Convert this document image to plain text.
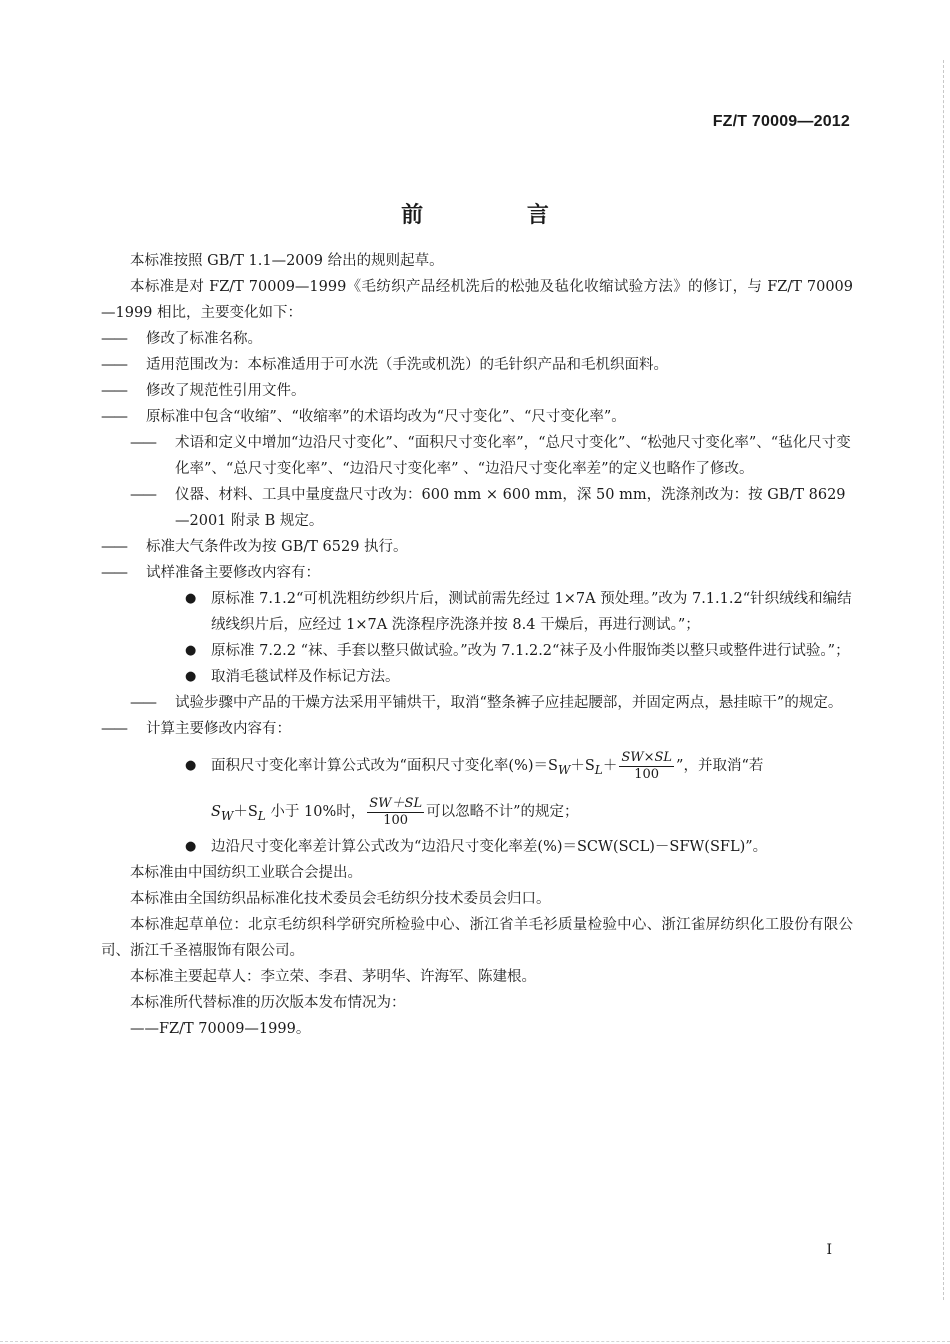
FZ/T 70009—2012
前 言

本标准按照 GB/T 1.1—2009 给出的规则起草。

本标准是对 FZ/T 70009—1999《毛纺织产品经机洗后的松弛及毡化收缩试验方法》的修订，与 FZ/T 70009—1999 相比，主要变化如下：

—— 修改了标准名称。

—— 适用范围改为：本标准适用于可水洗（手洗或机洗）的毛针织产品和毛机织面料。

—— 修改了规范性引用文件。

—— 原标准中包含“收缩”、“收缩率”的术语均改为“尺寸变化”、“尺寸变化率”。

—— 术语和定义中增加“边沿尺寸变化”、“面积尺寸变化率”，“总尺寸变化”、“松弛尺寸变化率”、“毡化尺寸变化率”、“总尺寸变化率”、“边沿尺寸变化率” 、“边沿尺寸变化率差”的定义也略作了修改。

—— 仪器、材料、工具中量度盘尺寸改为：600 mm × 600 mm，深 50 mm，洗涤剂改为：按 GB/T 8629—2001 附录 B 规定。

—— 标准大气条件改为按 GB/T 6529 执行。

—— 试样准备主要修改内容有：

● 原标准 7.1.2“可机洗粗纺纱织片后，测试前需先经过 1×7A 预处理。”改为 7.1.1.2“针织绒线和编结绒线织片后，应经过 1×7A 洗涤程序洗涤并按 8.4 干燥后，再进行测试。”；

● 原标准 7.2.2 “袜、手套以整只做试验。”改为 7.1.2.2“袜子及小件服饰类以整只或整件进行试验。”；

● 取消毛毯试样及作标记方法。

—— 试验步骤中产品的干燥方法采用平铺烘干，取消“整条裤子应挂起腰部，并固定两点，悬挂晾干”的规定。

—— 计算主要修改内容有：

● 面积尺寸变化率计算公式改为“面积尺寸变化率$(\%)=S_W+S_L+ \frac{SW\times SL}{100}$ ”，并取消“若

$S_W+S_L$ 小于 10%时， $\frac{SW+SL}{100}$ 可以忽略不计”的规定；

● 边沿尺寸变化率差计算公式改为“边沿尺寸变化率差(%)＝SCW(SCL)－SFW(SFL)”。

本标准由中国纺织工业联合会提出。

本标准由全国纺织品标准化技术委员会毛纺织分技术委员会归口。

本标准起草单位：北京毛纺织科学研究所检验中心、浙江省羊毛衫质量检验中心、浙江雀屏纺织化工股份有限公司、浙江千圣禧服饰有限公司。

本标准主要起草人：李立荣、李君、茅明华、许海军、陈建根。

本标准所代替标准的历次版本发布情况为：

——FZ/T 70009—1999。

I
